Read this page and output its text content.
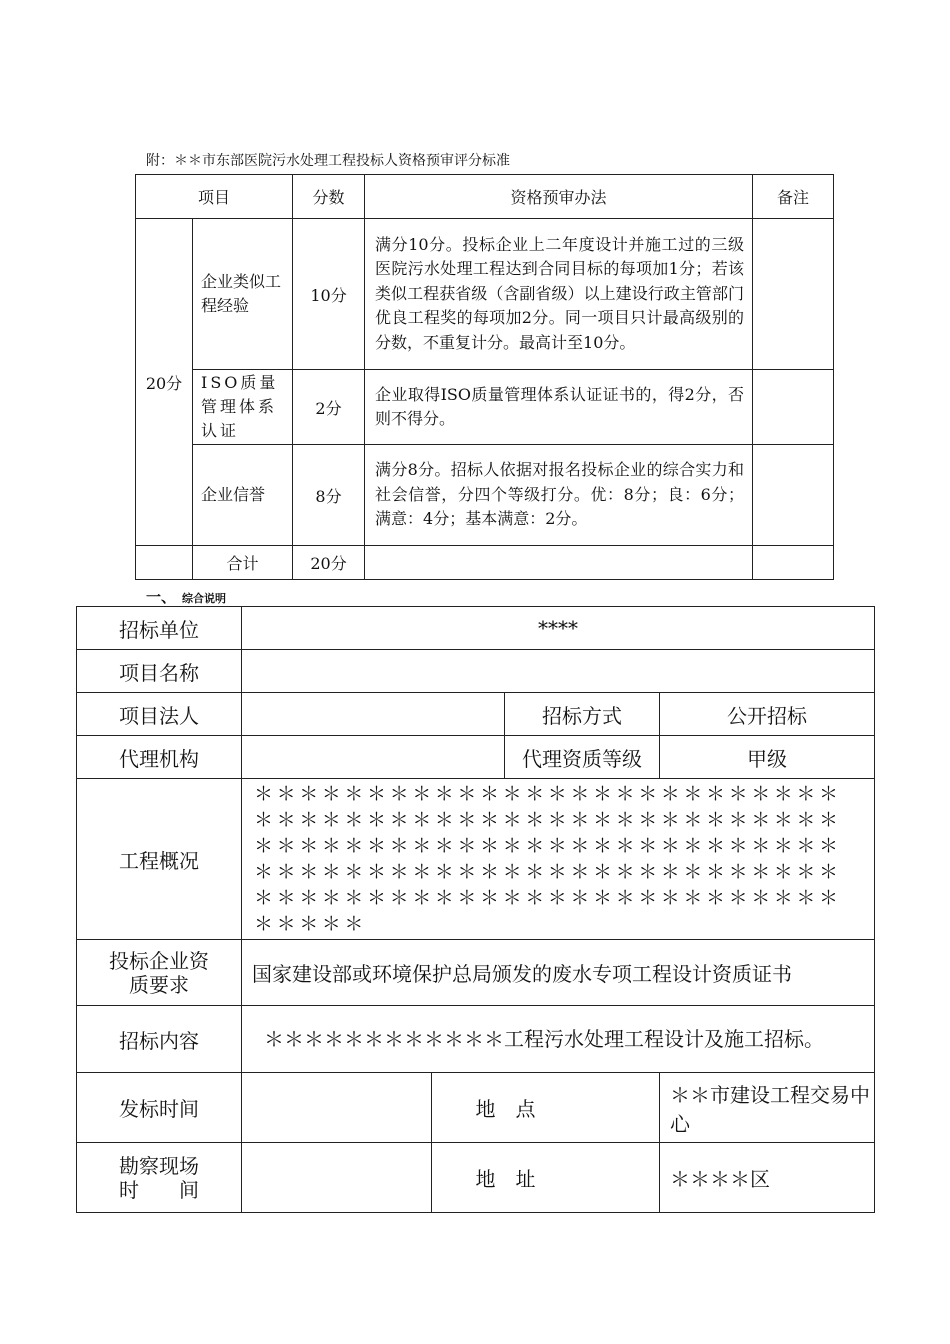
附：＊＊市东部医院污水处理工程投标人资格预审评分标准
项目		分数	资格预审办法	备注
20分	企业类似工程经验	10分	满分10分。投标企业上二年度设计并施工过的三级医院污水处理工程达到合同目标的每项加1分；若该类似工程获省级（含副省级）以上建设行政主管部门优良工程奖的每项加2分。同一项目只计最高级别的分数，不重复计分。最高计至10分。	
	ISO质量管理体系认证	2分	企业取得ISO质量管理体系认证证书的，得2分，否则不得分。	
	企业信誉	8分	满分8分。招标人依据对报名投标企业的综合实力和社会信誉，分四个等级打分。优：8分；良：6分；满意：4分；基本满意：2分。	
	合计	20分		
一、 综合说明
招标单位	****			
项目名称				
项目法人			招标方式	公开招标
代理机构			代理资质等级	甲级
工程概况	＊＊＊＊＊＊＊＊＊＊＊＊＊＊＊＊＊＊＊＊＊＊＊＊＊＊＊＊＊＊＊＊＊＊＊＊＊＊＊＊＊＊＊＊＊＊＊＊＊＊＊＊＊＊＊＊＊＊＊＊＊＊＊＊＊＊＊＊＊＊＊＊＊＊＊＊＊＊＊＊＊＊＊＊＊＊＊＊＊＊＊＊＊＊＊＊＊＊＊＊＊＊＊＊＊＊＊＊＊＊＊＊＊＊＊＊＊＊＊＊＊＊＊＊＊＊＊＊＊＊＊＊＊＊＊			
投标企业资质要求	国家建设部或环境保护总局颁发的废水专项工程设计资质证书			
招标内容	＊＊＊＊＊＊＊＊＊＊＊＊工程污水处理工程设计及施工招标。			
发标时间		地　点		＊＊市建设工程交易中心

勘察现场
时　　间		地　址		＊＊＊＊区
